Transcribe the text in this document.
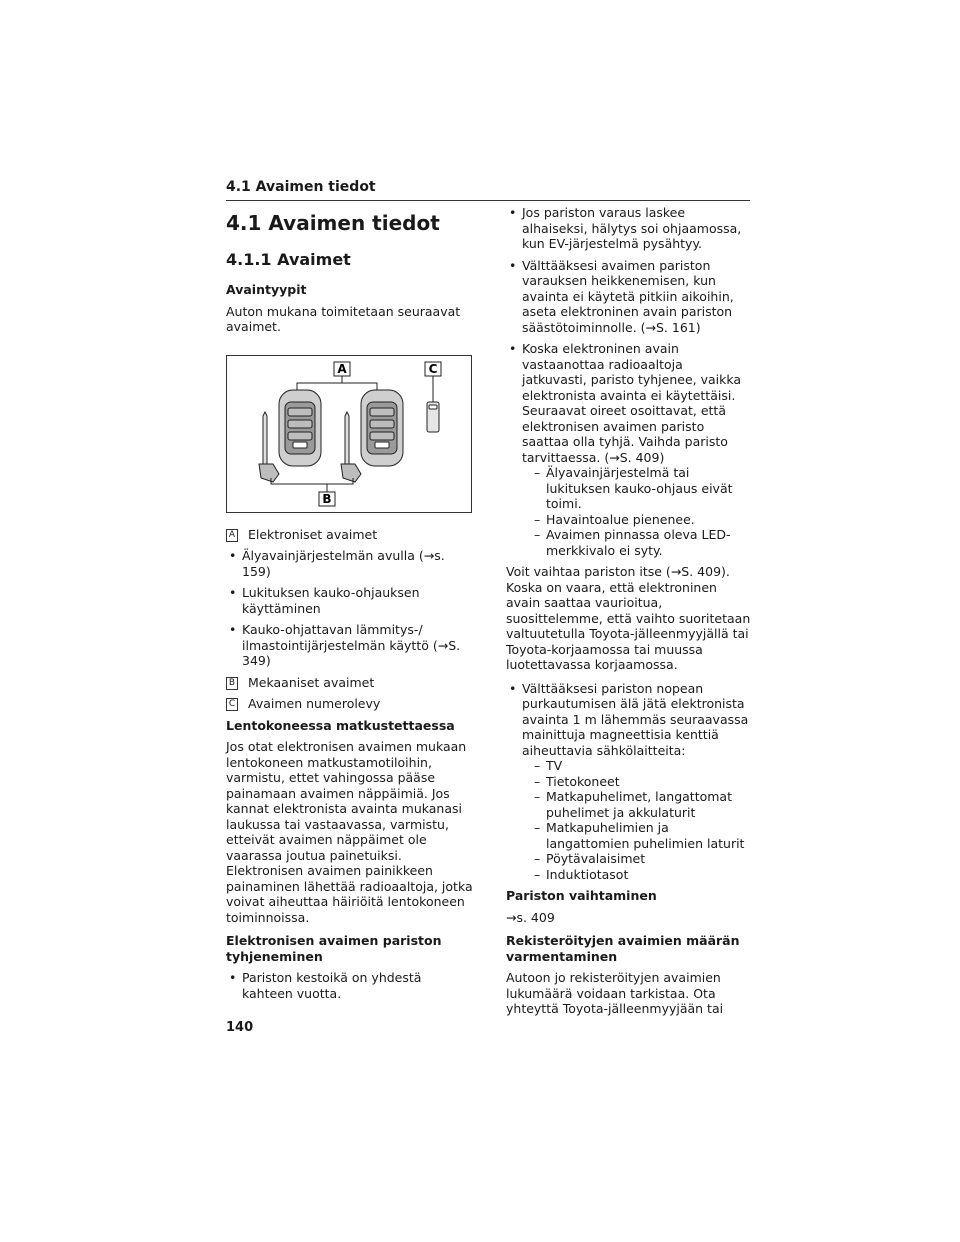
4.1 Avaimen tiedot
4.1 Avaimen tiedot
4.1.1 Avaimet
Avaintyypit

Auton mukana toimitetaan seuraavat avaimet.

A	C
B
A Elektroniset avaimet
• Älyavainjärjestelmän avulla (→s. 159)
• Lukituksen kauko-ohjauksen käyttäminen
• Kauko-ohjattavan lämmitys-/ ilmastointijärjestelmän käyttö (→S. 349)
B Mekaaniset avaimet
C Avaimen numerolevy
Lentokoneessa matkustettaessa

Jos otat elektronisen avaimen mukaan lentokoneen matkustamotiloihin, varmistu, ettet vahingossa pääse painamaan avaimen näppäimiä. Jos kannat elektronista avainta mukanasi laukussa tai vastaavassa, varmistu, etteivät avaimen näppäimet ole vaarassa joutua painetuiksi. Elektronisen avaimen painikkeen painaminen lähettää radioaaltoja, jotka voivat aiheuttaa häiriöitä lentokoneen toiminnoissa.

Elektronisen avaimen pariston tyhjeneminen
• Pariston kestoikä on yhdestä kahteen vuotta.
• Jos pariston varaus laskee alhaiseksi, hälytys soi ohjaamossa, kun EV-järjestelmä pysähtyy.
• Välttääksesi avaimen pariston varauksen heikkenemisen, kun avainta ei käytetä pitkiin aikoihin, aseta elektroninen avain pariston säästötoiminnolle. (→S. 161)
• Koska elektroninen avain vastaanottaa radioaaltoja jatkuvasti, paristo tyhjenee, vaikka elektronista avainta ei käytettäisi. Seuraavat oireet osoittavat, että elektronisen avaimen paristo saattaa olla tyhjä. Vaihda paristo tarvittaessa. (→S. 409)
– Älyavainjärjestelmä tai lukituksen kauko-ohjaus eivät toimi.
– Havaintoalue pienenee.
– Avaimen pinnassa oleva LED-merkkivalo ei syty.

Voit vaihtaa pariston itse (→S. 409). Koska on vaara, että elektroninen avain saattaa vaurioitua, suosittelemme, että vaihto suoritetaan valtuutetulla Toyota-jälleenmyyjällä tai Toyota-korjaamossa tai muussa luotettavassa korjaamossa.

• Välttääksesi pariston nopean purkautumisen älä jätä elektronista avainta 1 m lähemmäs seuraavassa mainittuja magneettisia kenttiä aiheuttavia sähkölaitteita:
– TV
– Tietokoneet
– Matkapuhelimet, langattomat puhelimet ja akkulaturit
– Matkapuhelimien ja langattomien puhelimien laturit
– Pöytävalaisimet
– Induktiotasot
Pariston vaihtaminen

→s. 409

Rekisteröityjen avaimien määrän varmentaminen

Autoon jo rekisteröityjen avaimien lukumäärä voidaan tarkistaa. Ota yhteyttä Toyota-jälleenmyyjään tai

140
